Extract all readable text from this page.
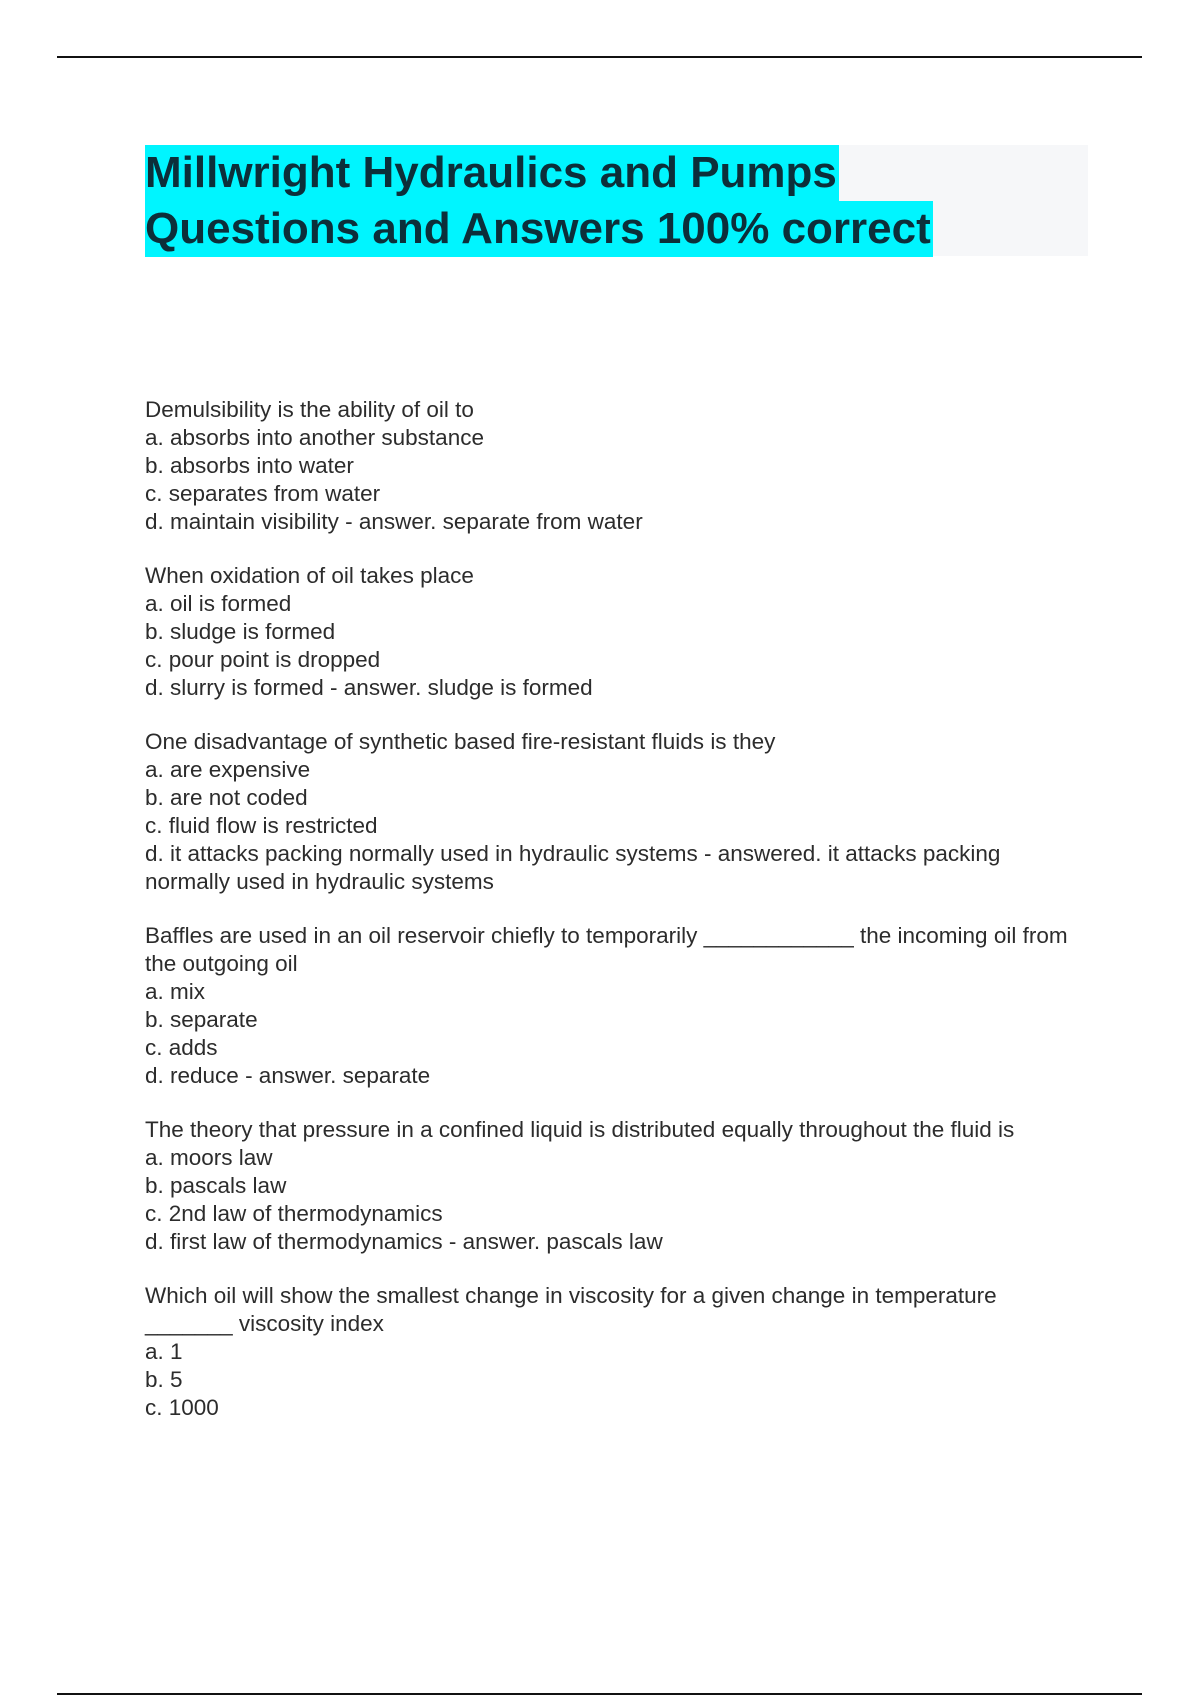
Millwright Hydraulics and Pumps
Questions and Answers 100% correct
Demulsibility is the ability of oil to
a. absorbs into another substance
b. absorbs into water
c. separates from water
d. maintain visibility - answer. separate from water
When oxidation of oil takes place
a. oil is formed
b. sludge is formed
c. pour point is dropped
d. slurry is formed - answer. sludge is formed
One disadvantage of synthetic based fire-resistant fluids is they
a. are expensive
b. are not coded
c. fluid flow is restricted
d. it attacks packing normally used in hydraulic systems - answered. it attacks packing normally used in hydraulic systems
Baffles are used in an oil reservoir chiefly to temporarily ____________ the incoming oil from the outgoing oil
a. mix
b. separate
c. adds
d. reduce - answer. separate
The theory that pressure in a confined liquid is distributed equally throughout the fluid is
a. moors law
b. pascals law
c. 2nd law of thermodynamics
d. first law of thermodynamics - answer. pascals law
Which oil will show the smallest change in viscosity for a given change in temperature _______ viscosity index
a. 1
b. 5
c. 1000
